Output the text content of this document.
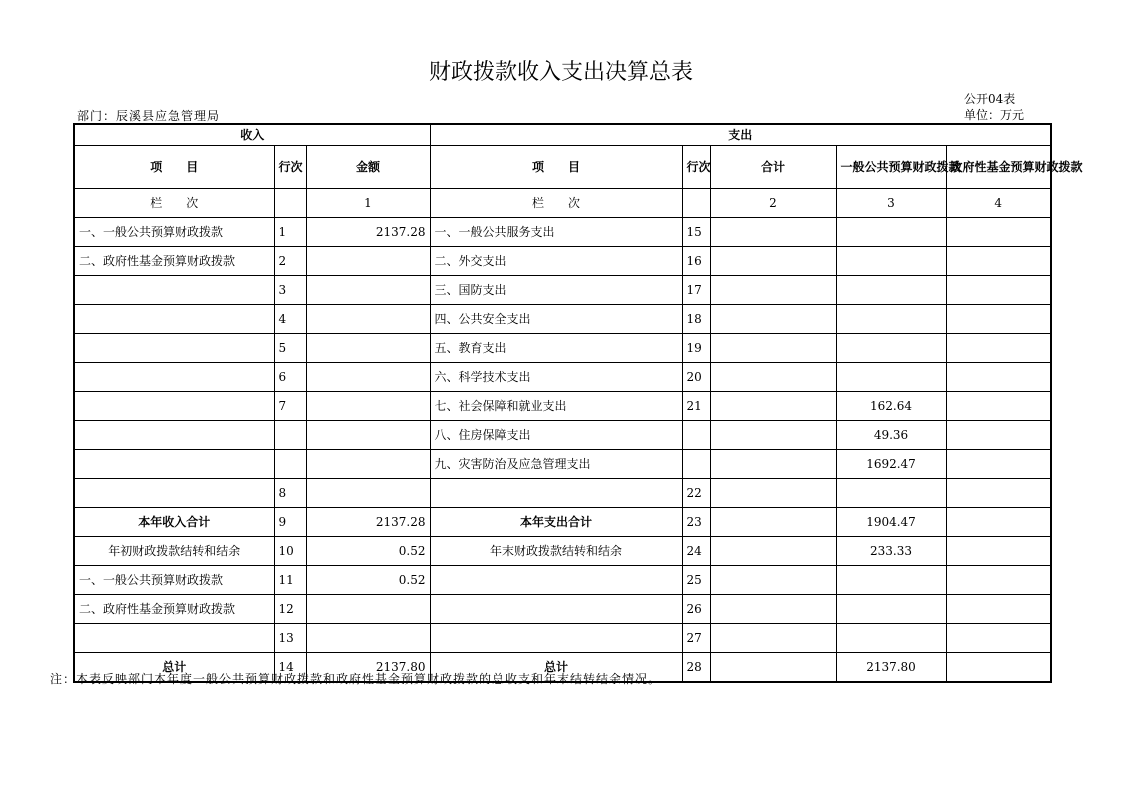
财政拨款收入支出决算总表
公开04表
部门：辰溪县应急管理局	单位：万元
收入			支出				
项　　目	行次	金额	项　　目	行次	合计	一般公共预算财政拨款	政府性基金预算财政拨款
栏　　次		1	栏　　次		2	3	4
一、一般公共预算财政拨款	1	2137.28	一、一般公共服务支出	15			
二、政府性基金预算财政拨款	2		二、外交支出	16			
	3		三、国防支出	17			
	4		四、公共安全支出	18			
	5		五、教育支出	19			
	6		六、科学技术支出	20			
	7		七、社会保障和就业支出	21		162.64	
			八、住房保障支出			49.36	
			九、灾害防治及应急管理支出			1692.47	
	8			22			
本年收入合计	9	2137.28	本年支出合计	23		1904.47	
年初财政拨款结转和结余	10	0.52	年末财政拨款结转和结余	24		233.33	
一、一般公共预算财政拨款	11	0.52		25			
二、政府性基金预算财政拨款	12			26			
	13			27			
总计	14	2137.80	总计	28		2137.80	
注：本表反映部门本年度一般公共预算财政拨款和政府性基金预算财政拨款的总收支和年末结转结余情况。
